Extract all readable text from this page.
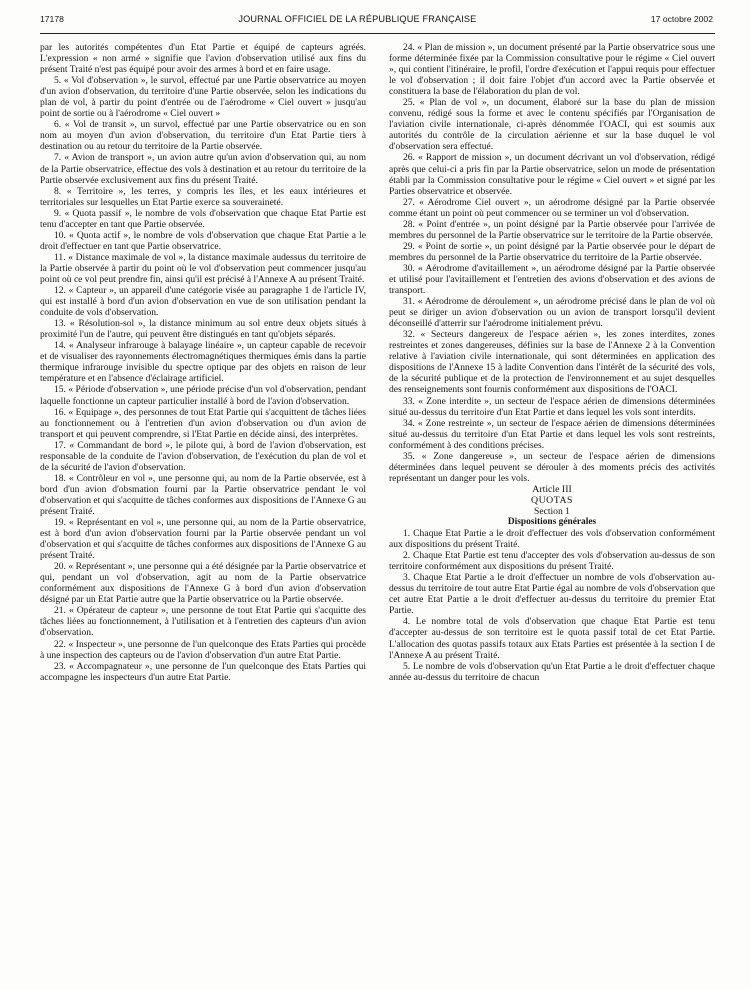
17178	JOURNAL OFFICIEL DE LA RÉPUBLIQUE FRANÇAISE	17 octobre 2002

par les autorités compétentes d'un Etat Partie et équipé de capteurs agréés. L'expression « non armé » signifie que l'avion d'observation utilisé aux fins du présent Traité n'est pas équipé pour avoir des armes à bord et en faire usage.

5. « Vol d'observation », le survol, effectué par une Partie observatrice au moyen d'un avion d'observation, du territoire d'une Partie observée, selon les indications du plan de vol, à partir du point d'entrée ou de l'aérodrome « Ciel ouvert » jusqu'au point de sortie ou à l'aérodrome « Ciel ouvert »

6. « Vol de transit », un survol, effectué par une Partie observatrice ou en son nom au moyen d'un avion d'observation, du territoire d'un Etat Partie tiers à destination ou au retour du territoire de la Partie observée.

7. « Avion de transport », un avion autre qu'un avion d'observation qui, au nom de la Partie observatrice, effectue des vols à destination et au retour du territoire de la Partie observée exclusivement aux fins du présent Traité.

8. « Territoire », les terres, y compris les îles, et les eaux intérieures et territoriales sur lesquelles un Etat Partie exerce sa souveraineté.

9. « Quota passif », le nombre de vols d'observation que chaque Etat Partie est tenu d'accepter en tant que Partie observée.

10. « Quota actif », le nombre de vols d'observation que chaque Etat Partie a le droit d'effectuer en tant que Partie observatrice.

11. « Distance maximale de vol », la distance maximale audessus du territoire de la Partie observée à partir du point où le vol d'observation peut commencer jusqu'au point où ce vol peut prendre fin, ainsi qu'il est précisé à l'Annexe A au présent Traité.

12. « Capteur », un appareil d'une catégorie visée au paragraphe 1 de l'article IV, qui est installé à bord d'un avion d'observation en vue de son utilisation pendant la conduite de vols d'observation.

13. « Résolution-sol », la distance minimum au sol entre deux objets situés à proximité l'un de l'autre, qui peuvent être distingués en tant qu'objets séparés.

14. « Analyseur infrarouge à balayage linéaire », un capteur capable de recevoir et de visualiser des rayonnements électromagnétiques thermiques émis dans la partie thermique infrarouge invisible du spectre optique par des objets en raison de leur température et en l'absence d'éclairage artificiel.

15. « Période d'observation », une période précise d'un vol d'observation, pendant laquelle fonctionne un capteur particulier installé à bord de l'avion d'observation.

16. « Equipage », des personnes de tout Etat Partie qui s'acquittent de tâches liées au fonctionnement ou à l'entretien d'un avion d'observation ou d'un avion de transport et qui peuvent comprendre, si l'Etat Partie en décide ainsi, des interprètes.

17. « Commandant de bord », le pilote qui, à bord de l'avion d'observation, est responsable de la conduite de l'avion d'observation, de l'exécution du plan de vol et de la sécurité de l'avion d'observation.

18. « Contrôleur en vol », une personne qui, au nom de la Partie observée, est à bord d'un avion d'obsmation fourni par la Partie observatrice pendant le vol d'observation et qui s'acquitte de tâches conformes aux dispositions de l'Annexe G au présent Traité.

19. « Représentant en vol », une personne qui, au nom de la Partie observatrice, est à bord d'un avion d'observation fourni par la Partie observée pendant un vol d'observation et qui s'acquitte de tâches conformes aux dispositions de l'Annexe G au présent Traité.

20. « Représentant », une personne qui a été désignée par la Partie observatrice et qui, pendant un vol d'observation, agit au nom de la Partie observatrice conformément aux dispositions de l'Annexe G à bord d'un avion d'observation désigné par un Etat Partie autre que la Partie observatrice ou la Partie observée.

21. « Opérateur de capteur », une personne de tout Etat Partie qui s'acquitte des tâches liées au fonctionnement, à l'utilisation et à l'entretien des capteurs d'un avion d'observation.

22. « Inspecteur », une personne de l'un quelconque des Etats Parties qui procède à une inspection des capteurs ou de l'avion d'observation d'un autre Etat Partie.

23. « Accompagnateur », une personne de l'un quelconque des Etats Parties qui accompagne les inspecteurs d'un autre Etat Partie.

24. « Plan de mission », un document présenté par la Partie observatrice sous une forme déterminée fixée par la Commission consultative pour le régime « Ciel ouvert », qui contient l'itinéraire, le profil, l'ordre d'exécution et l'appui requis pour effectuer le vol d'observation ; il doit faire l'objet d'un accord avec la Partie observée et constituera la base de l'élaboration du plan de vol.

25. « Plan de vol », un document, élaboré sur la base du plan de mission convenu, rédigé sous la forme et avec le contenu spécifiés par l'Organisation de l'aviation civile internationale, ci-après dénommée l'OACI, qui est soumis aux autorités du contrôle de la circulation aérienne et sur la base duquel le vol d'observation sera effectué.

26. « Rapport de mission », un document décrivant un vol d'observation, rédigé après que celui-ci a pris fin par la Partie observatrice, selon un mode de présentation établi par la Commission consultative pour le régime « Ciel ouvert » et signé par les Parties observatrice et observée.

27. « Aérodrome Ciel ouvert », un aérodrome désigné par la Partie observée comme étant un point où peut commencer ou se terminer un vol d'observation.

28. « Point d'entrée », un point désigné par la Partie observée pour l'arrivée de membres du personnel de la Partie observatrice sur le territoire de la Partie observée.

29. « Point de sortie », un point désigné par la Partie observée pour le départ de membres du personnel de la Partie observatrice du territoire de la Partie observée.

30. « Aérodrome d'avitaillement », un aérodrome désigné par la Partie observée et utilisé pour l'avitaillement et l'entretien des avions d'observation et des avions de transport.

31. « Aérodrome de déroulement », un aérodrome précisé dans le plan de vol où peut se diriger un avion d'observation ou un avion de transport lorsqu'il devient déconseillé d'atterrir sur l'aérodrome initialement prévu.

32. « Secteurs dangereux de l'espace aérien », les zones interdites, zones restreintes et zones dangereuses, définies sur la base de l'Annexe 2 à la Convention relative à l'aviation civile internationale, qui sont déterminées en application des dispositions de l'Annexe 15 à ladite Convention dans l'intérêt de la sécurité des vols, de la sécurité publique et de la protection de l'environnement et au sujet desquelles des renseignements sont fournis conformément aux dispositions de l'OACI.

33. « Zone interdite », un secteur de l'espace aérien de dimensions déterminées situé au-dessus du territoire d'un Etat Partie et dans lequel les vols sont interdits.

34. « Zone restreinte », un secteur de l'espace aérien de dimensions déterminées situé au-dessus du territoire d'un Etat Partie et dans lequel les vols sont restreints, conformément à des conditions précises.

35. « Zone dangereuse », un secteur de l'espace aérien de dimensions déterminées dans lequel peuvent se dérouler à des moments précis des activités représentant un danger pour les vols.

Article III

QUOTAS

Section 1

Dispositions générales

1. Chaque Etat Partie a le droit d'effectuer des vols d'observation conformément aux dispositions du présent Traité.

2. Chaque Etat Partie est tenu d'accepter des vols d'observation au-dessus de son territoire conformément aux dispositions du présent Traité.

3. Chaque Etat Partie a le droit d'effectuer un nombre de vols d'observation au-dessus du territoire de tout autre Etat Partie égal au nombre de vols d'observation que cet autre Etat Partie a le droit d'effectuer au-dessus du territoire du premier Etat Partie.

4. Le nombre total de vols d'observation que chaque Etat Partie est tenu d'accepter au-dessus de son territoire est le quota passif total de cet Etat Partie. L'allocation des quotas passifs totaux aux Etats Parties est présentée à la section I de l'Annexe A au présent Traité.

5. Le nombre de vols d'observation qu'un Etat Partie a le droit d'effectuer chaque année au-dessus du territoire de chacun
